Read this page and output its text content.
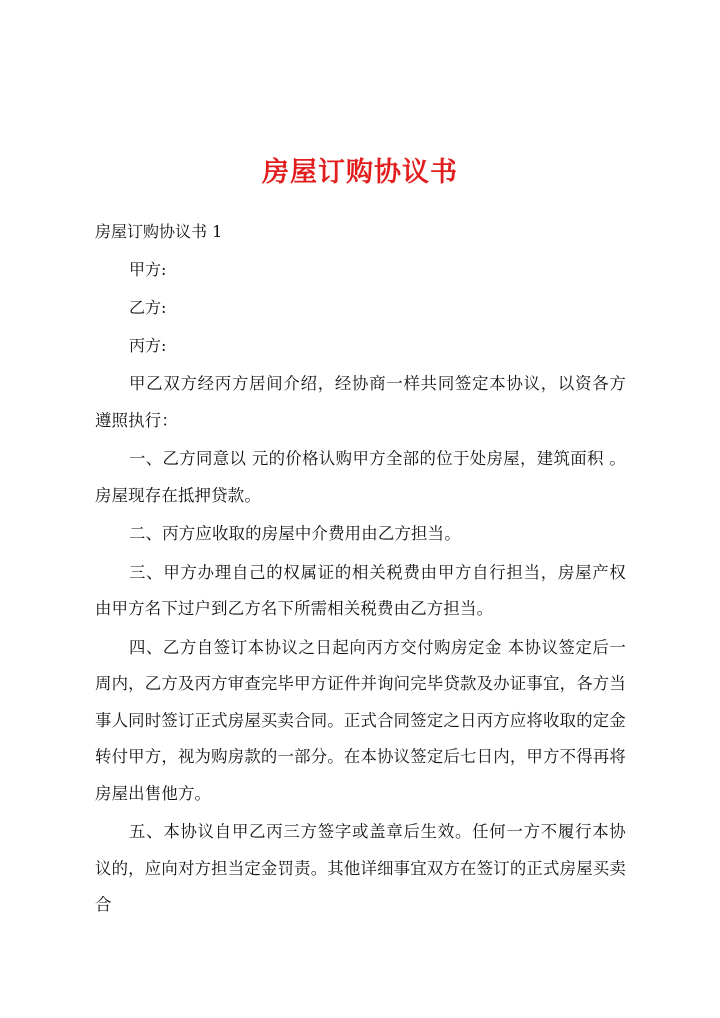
房屋订购协议书
房屋订购协议书 1
甲方:
乙方:
丙方:

甲乙双方经丙方居间介绍，经协商一样共同签定本协议，以资各方遵照执行：

一、乙方同意以 元的价格认购甲方全部的位于处房屋，建筑面积 。房屋现存在抵押贷款。

二、丙方应收取的房屋中介费用由乙方担当。

三、甲方办理自己的权属证的相关税费由甲方自行担当，房屋产权由甲方名下过户到乙方名下所需相关税费由乙方担当。

四、乙方自签订本协议之日起向丙方交付购房定金 本协议签定后一周内，乙方及丙方审查完毕甲方证件并询问完毕贷款及办证事宜，各方当事人同时签订正式房屋买卖合同。正式合同签定之日丙方应将收取的定金转付甲方，视为购房款的一部分。在本协议签定后七日内，甲方不得再将房屋出售他方。

五、本协议自甲乙丙三方签字或盖章后生效。任何一方不履行本协议的，应向对方担当定金罚责。其他详细事宜双方在签订的正式房屋买卖合
